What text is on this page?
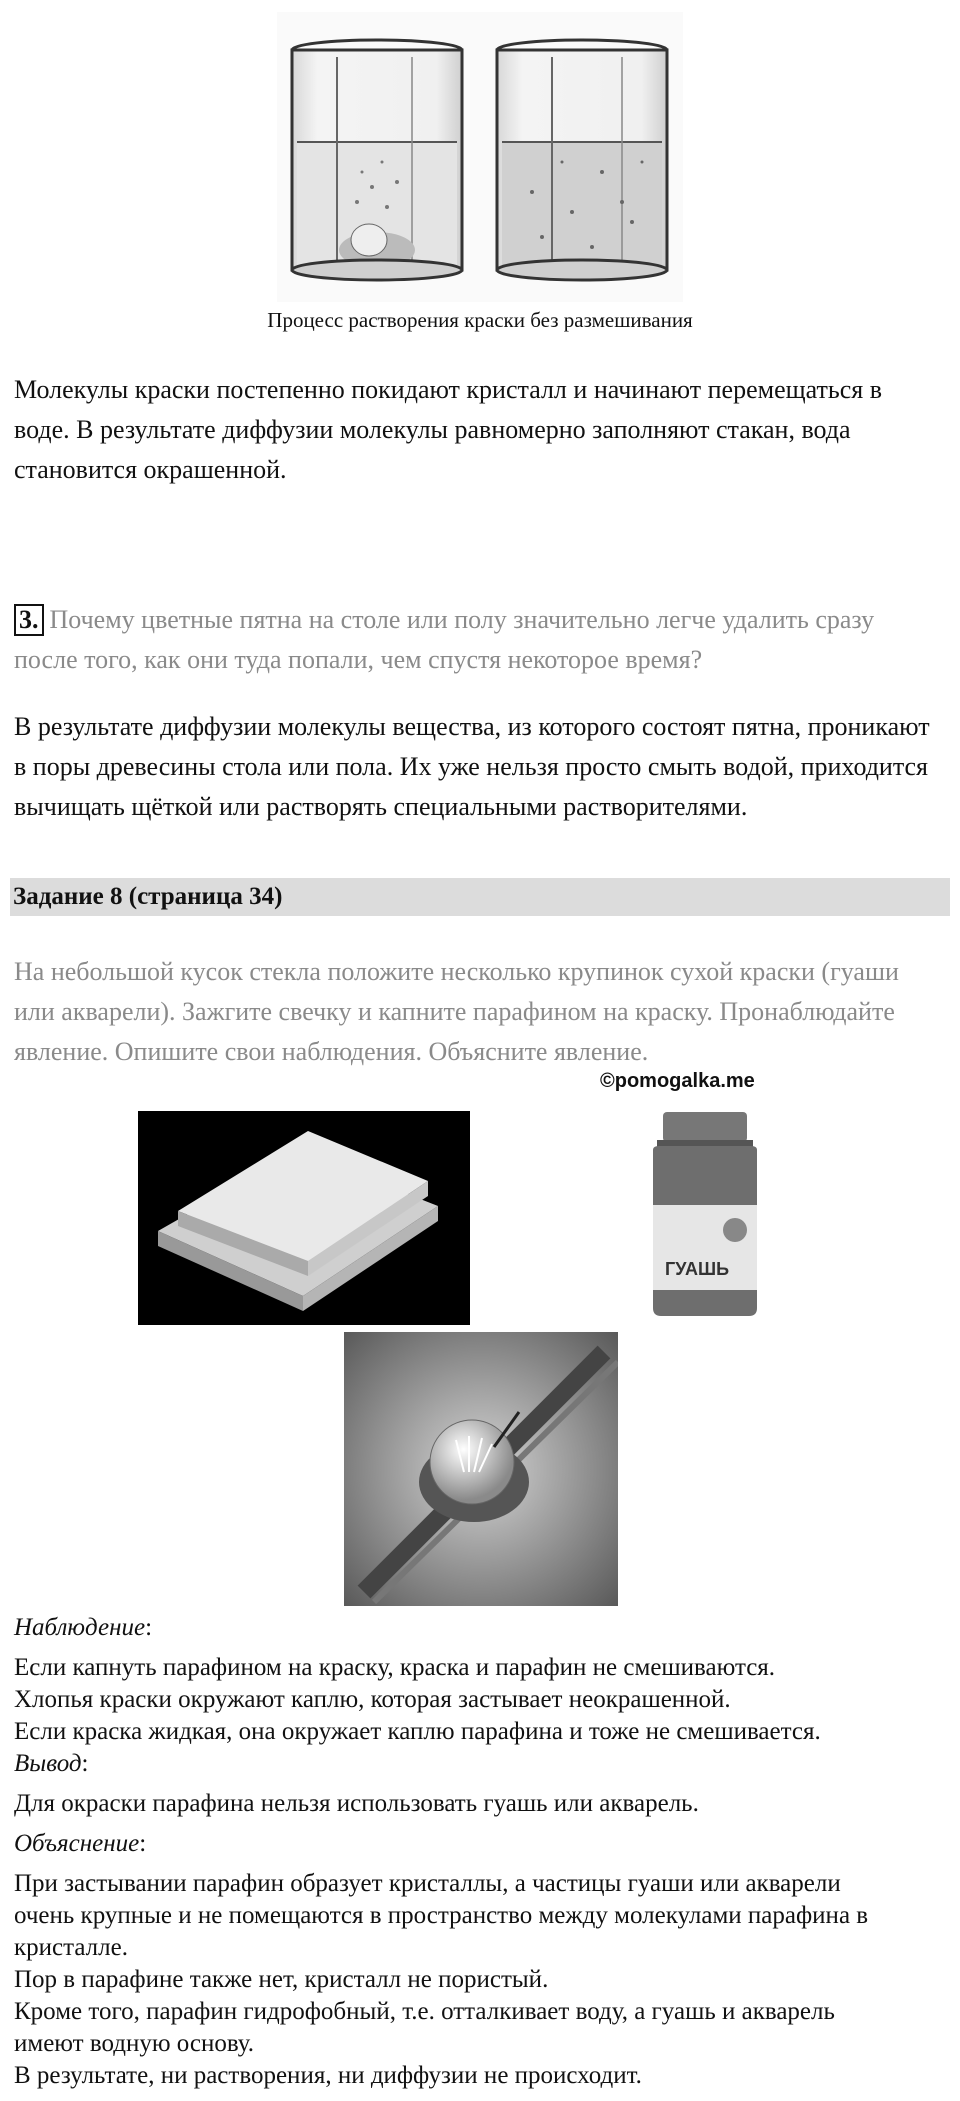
Процесс растворения краски без размешивания
Молекулы краски постепенно покидают кристалл и начинают перемещаться в воде. В результате диффузии молекулы равномерно заполняют стакан, вода становится окрашенной.
3. Почему цветные пятна на столе или полу значительно легче удалить сразу после того, как они туда попали, чем спустя некоторое время?
В результате диффузии молекулы вещества, из которого состоят пятна, проникают в поры древесины стола или пола. Их уже нельзя просто смыть водой, приходится вычищать щёткой или растворять специальными растворителями.
Задание 8 (страница 34)
На небольшой кусок стекла положите несколько крупинок сухой краски (гуаши или акварели). Зажгите свечку и капните парафином на краску. Пронаблюдайте явление. Опишите свои наблюдения. Объясните явление.
©pomogalka.me
ГУАШЬ
Наблюдение:
Если капнуть парафином на краску, краска и парафин не смешиваются.
Хлопья краски окружают каплю, которая застывает неокрашенной.
Если краска жидкая, она окружает каплю парафина и тоже не смешивается.
Вывод:
Для окраски парафина нельзя использовать гуашь или акварель.
Объяснение:
При застывании парафин образует кристаллы, а частицы гуаши или акварели очень крупные и не помещаются в пространство между молекулами парафина в кристалле.
Пор в парафине также нет, кристалл не пористый.
Кроме того, парафин гидрофобный, т.е. отталкивает воду, а гуашь и акварель имеют водную основу.
В результате, ни растворения, ни диффузии не происходит.
